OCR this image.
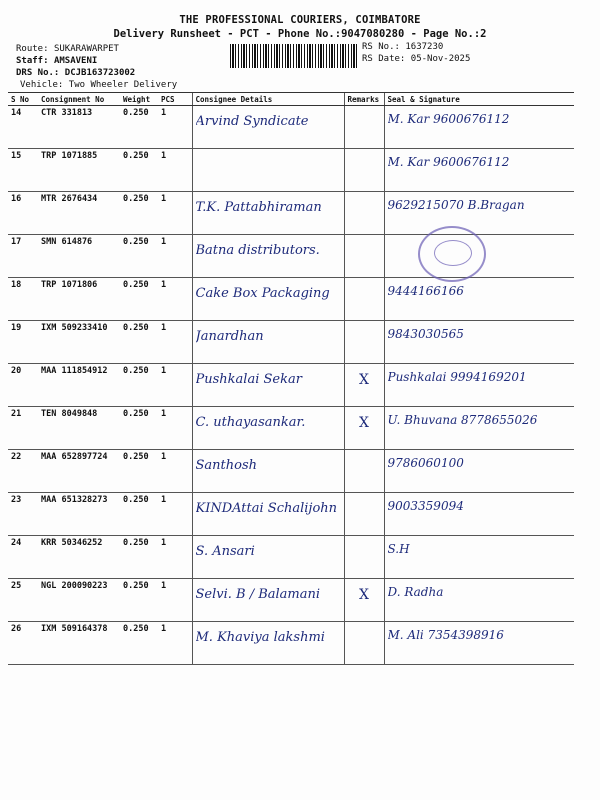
THE PROFESSIONAL COURIERS, COIMBATORE
Delivery Runsheet - PCT - Phone No.:9047080280 - Page No.:2
Route: SUKARAWARPET
Staff: AMSAVENI
DRS No.: DCJB163723002
Vehicle: Two Wheeler Delivery
RS No.: 1637230
RS Date: 05-Nov-2025
S No	Consignment No	Weight	PCS	Consignee Details	Remarks	Seal & Signature
14	CTR 331813	0.250	1	Arvind Syndicate		M. Kar 9600676112

15	TRP 1071885	0.250	1			M. Kar 9600676112

16	MTR 2676434	0.250	1	T.K. Pattabhiraman		9629215070 B.Bragan

17	SMN 614876	0.250	1	Batna distributors.		

18	TRP 1071806	0.250	1	Cake Box Packaging		9444166166

19	IXM 509233410	0.250	1	Janardhan		9843030565

20	MAA 111854912	0.250	1	Pushkalai Sekar	X	Pushkalai 9994169201

21	TEN 8049848	0.250	1	C. uthayasankar.	X	U. Bhuvana 8778655026

22	MAA 652897724	0.250	1	Santhosh		9786060100

23	MAA 651328273	0.250	1	KINDAttai Schalijohn		9003359094

24	KRR 50346252	0.250	1	S. Ansari		S.H

25	NGL 200090223	0.250	1	Selvi. B / Balamani	X	D. Radha

26	IXM 509164378	0.250	1	M. Khaviya lakshmi		M. Ali 7354398916
